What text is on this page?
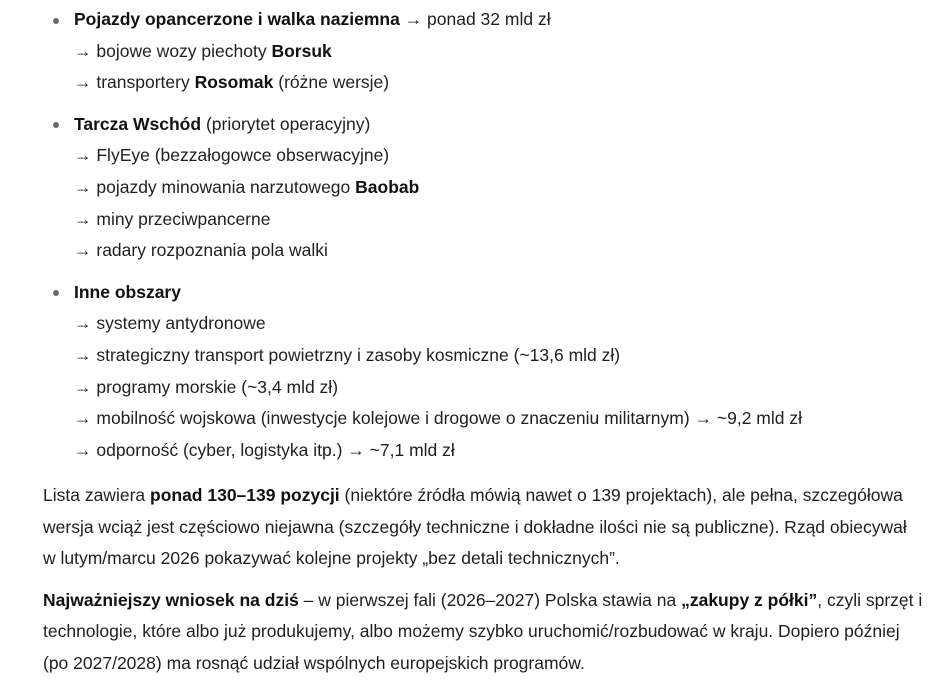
Pojazdy opancerzone i walka naziemna → ponad 32 mld zł
→ bojowe wozy piechoty Borsuk
→ transportery Rosomak (różne wersje)
Tarcza Wschód (priorytet operacyjny)
→ FlyEye (bezzałogowce obserwacyjne)
→ pojazdy minowania narzutowego Baobab
→ miny przeciwpancerne
→ radary rozpoznania pola walki
Inne obszary
→ systemy antydronowe
→ strategiczny transport powietrzny i zasoby kosmiczne (~13,6 mld zł)
→ programy morskie (~3,4 mld zł)
→ mobilność wojskowa (inwestycje kolejowe i drogowe o znaczeniu militarnym) → ~9,2 mld zł
→ odporność (cyber, logistyka itp.) → ~7,1 mld zł

Lista zawiera ponad 130–139 pozycji (niektóre źródła mówią nawet o 139 projektach), ale pełna, szczegółowa wersja wciąż jest częściowo niejawna (szczegóły techniczne i dokładne ilości nie są publiczne). Rząd obiecywał w lutym/marcu 2026 pokazywać kolejne projekty „bez detali technicznych”.

Najważniejszy wniosek na dziś – w pierwszej fali (2026–2027) Polska stawia na „zakupy z półki”, czyli sprzęt i technologie, które albo już produkujemy, albo możemy szybko uruchomić/rozbudować w kraju. Dopiero później (po 2027/2028) ma rosnąć udział wspólnych europejskich programów.
